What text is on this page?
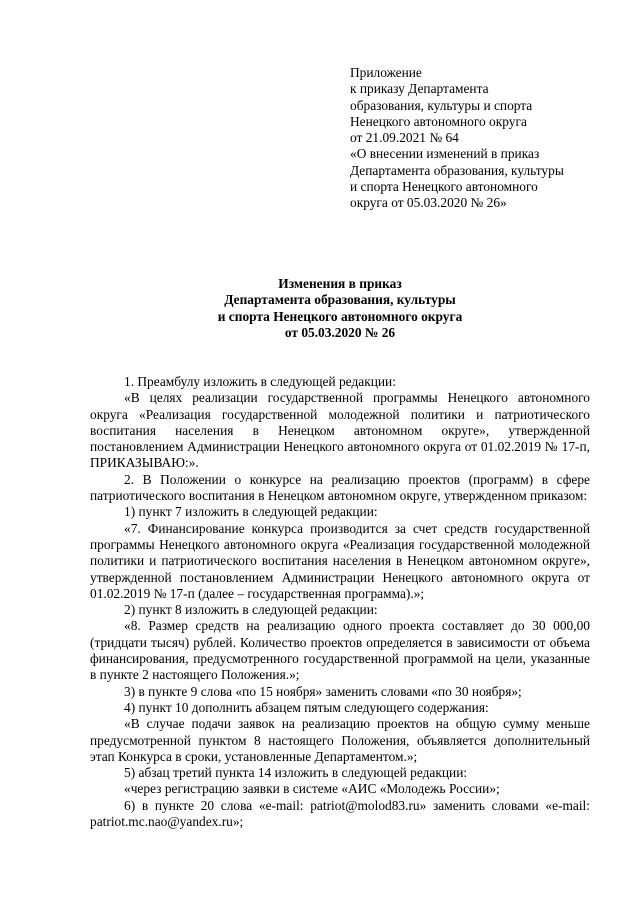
Приложение
к приказу Департамента
образования, культуры и спорта
Ненецкого автономного округа
от 21.09.2021 № 64
«О внесении изменений в приказ
Департамента образования, культуры
и спорта Ненецкого автономного
округа от 05.03.2020 № 26»
Изменения в приказ
Департамента образования, культуры
и спорта Ненецкого автономного округа
от 05.03.2020 № 26

1. Преамбулу изложить в следующей редакции:

«В целях реализации государственной программы Ненецкого автономного округа «Реализация государственной молодежной политики и патриотического воспитания населения в Ненецком автономном округе», утвержденной постановлением Администрации Ненецкого автономного округа от 01.02.2019 № 17-п, ПРИКАЗЫВАЮ:».

2. В Положении о конкурсе на реализацию проектов (программ) в сфере патриотического воспитания в Ненецком автономном округе, утвержденном приказом:

1) пункт 7 изложить в следующей редакции:

«7. Финансирование конкурса производится за счет средств государственной программы Ненецкого автономного округа «Реализация государственной молодежной политики и патриотического воспитания населения в Ненецком автономном округе», утвержденной постановлением Администрации Ненецкого автономного округа от 01.02.2019 № 17-п (далее – государственная программа).»;

2) пункт 8 изложить в следующей редакции:

«8. Размер средств на реализацию одного проекта составляет до 30 000,00 (тридцати тысяч) рублей. Количество проектов определяется в зависимости от объема финансирования, предусмотренного государственной программой на цели, указанные в пункте 2 настоящего Положения.»;

3) в пункте 9 слова «по 15 ноября» заменить словами «по 30 ноября»;

4) пункт 10 дополнить абзацем пятым следующего содержания:

«В случае подачи заявок на реализацию проектов на общую сумму меньше предусмотренной пунктом 8 настоящего Положения, объявляется дополнительный этап Конкурса в сроки, установленные Департаментом.»;

5) абзац третий пункта 14 изложить в следующей редакции:

«через регистрацию заявки в системе «АИС «Молодежь России»;

6) в пункте 20 слова «e-mail: patriot@molod83.ru» заменить словами «e-mail: patriot.mc.nao@yandex.ru»;
